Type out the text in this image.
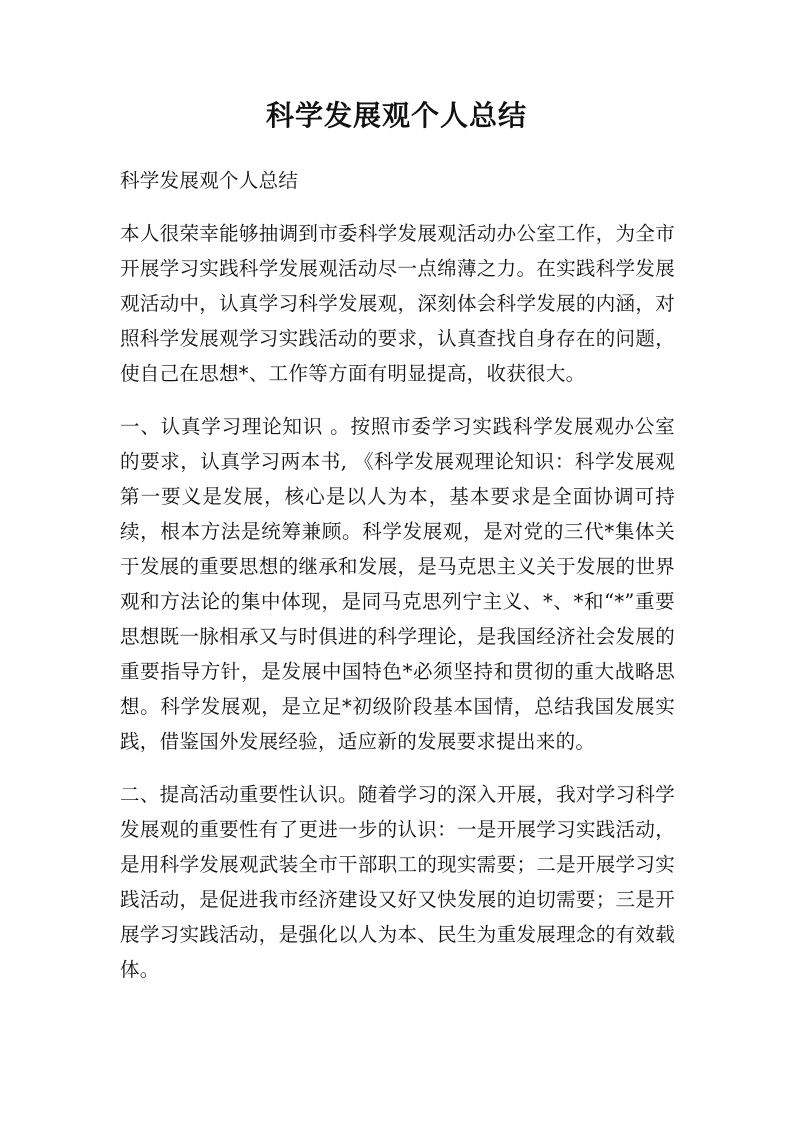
科学发展观个人总结

科学发展观个人总结

本人很荣幸能够抽调到市委科学发展观活动办公室工作，为全市开展学习实践科学发展观活动尽一点绵薄之力。在实践科学发展观活动中，认真学习科学发展观，深刻体会科学发展的内涵，对照科学发展观学习实践活动的要求，认真查找自身存在的问题，使自己在思想*、工作等方面有明显提高，收获很大。

一、认真学习理论知识 。按照市委学习实践科学发展观办公室的要求，认真学习两本书, 《科学发展观理论知识：科学发展观第一要义是发展，核心是以人为本，基本要求是全面协调可持续，根本方法是统筹兼顾。科学发展观，是对党的三代*集体关于发展的重要思想的继承和发展，是马克思主义关于发展的世界观和方法论的集中体现，是同马克思列宁主义、*、*和“*”重要思想既一脉相承又与时俱进的科学理论，是我国经济社会发展的重要指导方针，是发展中国特色*必须坚持和贯彻的重大战略思想。科学发展观，是立足*初级阶段基本国情，总结我国发展实践，借鉴国外发展经验，适应新的发展要求提出来的。

二、提高活动重要性认识。随着学习的深入开展，我对学习科学发展观的重要性有了更进一步的认识：一是开展学习实践活动，是用科学发展观武装全市干部职工的现实需要；二是开展学习实践活动，是促进我市经济建设又好又快发展的迫切需要；三是开展学习实践活动，是强化以人为本、民生为重发展理念的有效载体。
